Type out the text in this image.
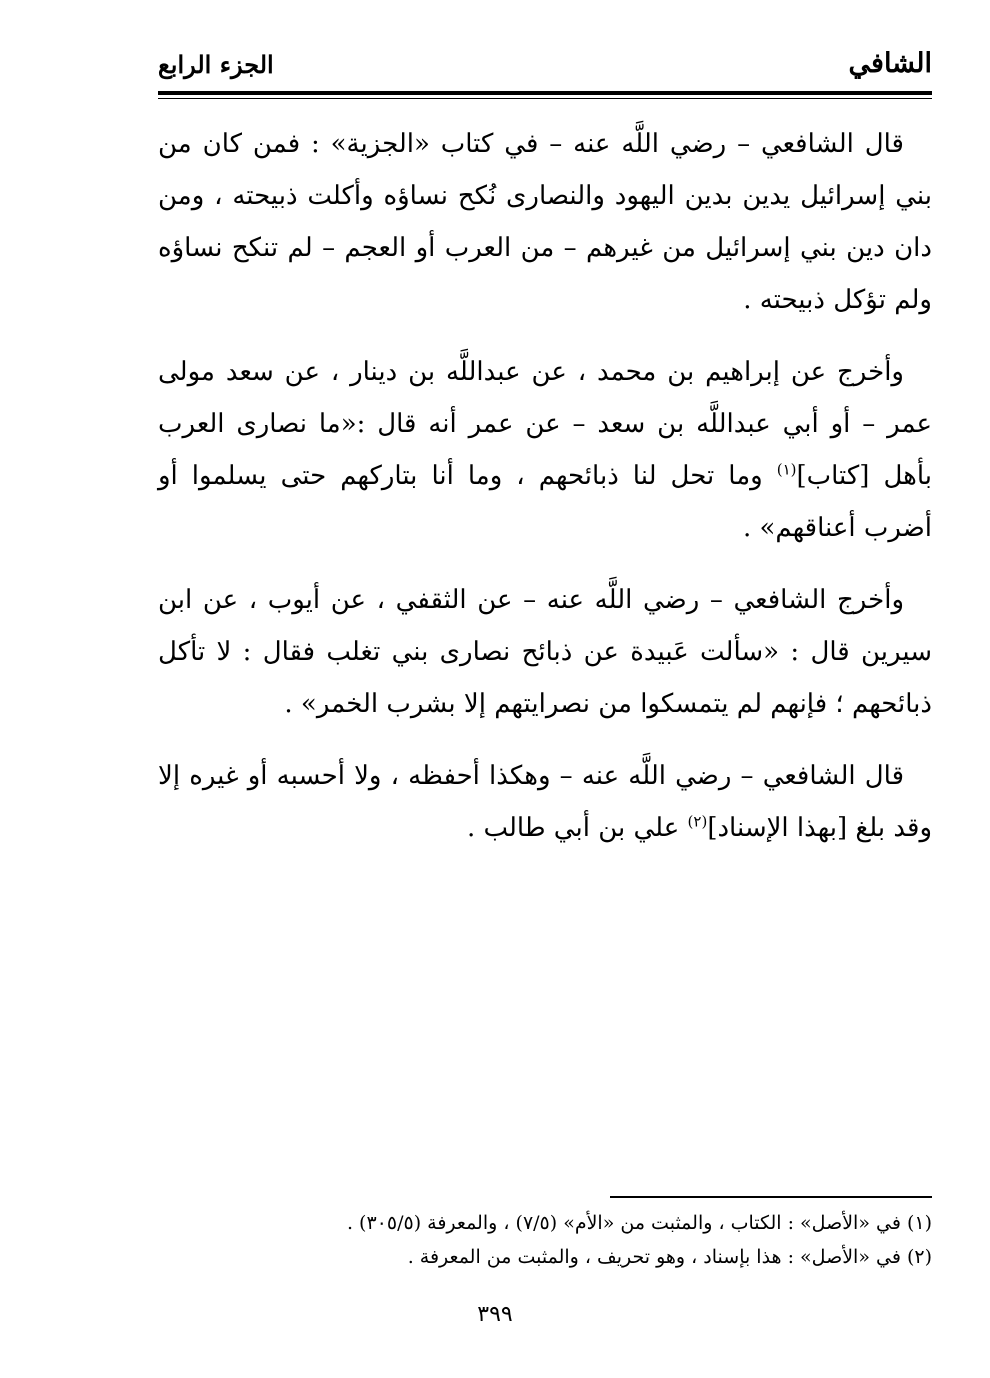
الشافي
الجزء الرابع

قال الشافعي – رضي اللَّه عنه – في كتاب «الجزية» : فمن كان من بني إسرائيل يدين بدين اليهود والنصارى نُكح نساؤه وأكلت ذبيحته ، ومن دان دين بني إسرائيل من غيرهم – من العرب أو العجم – لم تنكح نساؤه ولم تؤكل ذبيحته .

وأخرج عن إبراهيم بن محمد ، عن عبداللَّه بن دينار ، عن سعد مولى عمر – أو أبي عبداللَّه بن سعد – عن عمر أنه قال :«ما نصارى العرب بأهل [كتاب]$^{(١)}$ وما تحل لنا ذبائحهم ، وما أنا بتاركهم حتى يسلموا أو أضرب أعناقهم» .

وأخرج الشافعي – رضي اللَّه عنه – عن الثقفي ، عن أيوب ، عن ابن سيرين قال : «سألت عَبيدة عن ذبائح نصارى بني تغلب فقال : لا تأكل ذبائحهم ؛ فإنهم لم يتمسكوا من نصرايتهم إلا بشرب الخمر» .

قال الشافعي – رضي اللَّه عنه – وهكذا أحفظه ، ولا أحسبه أو غيره إلا وقد بلغ [بهذا الإسناد]$^{(٢)}$ علي بن أبي طالب .

(١) في «الأصل» : الكتاب ، والمثبت من «الأم» (٧/٥) ، والمعرفة (٣٠٥/٥) .
(٢) في «الأصل» : هذا بإسناد ، وهو تحريف ، والمثبت من المعرفة .
٣٩٩
